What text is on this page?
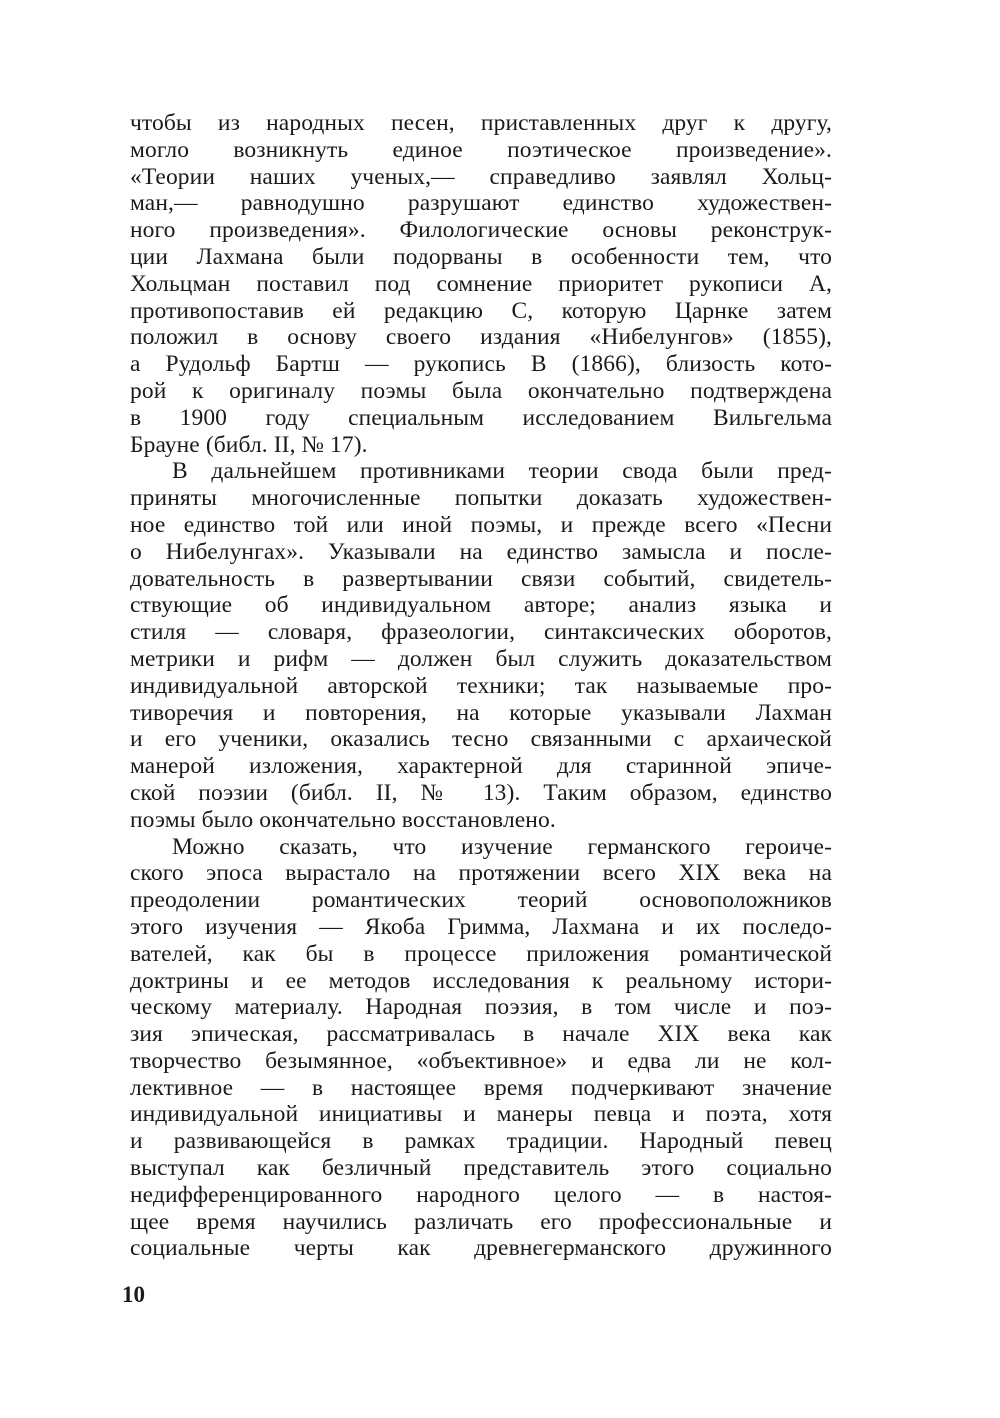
чтобы из народных песен, приставленных друг к другу,
могло возникнуть единое поэтическое произведение».
«Теории наших ученых,— справедливо заявлял Хольц-
ман,— равнодушно разрушают единство художествен-
ного произведения». Филологические основы реконструк-
ции Лахмана были подорваны в особенности тем, что
Хольцман поставил под сомнение приоритет рукописи А,
противопоставив ей редакцию С, которую Царнке затем
положил в основу своего издания «Нибелунгов» (1855),
а Рудольф Бартш — рукопись В (1866), близость кото-
рой к оригиналу поэмы была окончательно подтверждена
в 1900 году специальным исследованием Вильгельма
Брауне (библ. II, № 17).
В дальнейшем противниками теории свода были пред-
приняты многочисленные попытки доказать художествен-
ное единство той или иной поэмы, и прежде всего «Песни
о Нибелунгах». Указывали на единство замысла и после-
довательность в развертывании связи событий, свидетель-
ствующие об индивидуальном авторе; анализ языка и
стиля — словаря, фразеологии, синтаксических оборотов,
метрики и рифм — должен был служить доказательством
индивидуальной авторской техники; так называемые про-
тиворечия и повторения, на которые указывали Лахман
и его ученики, оказались тесно связанными с архаической
манерой изложения, характерной для старинной эпиче-
ской поэзии (библ. II, № 13). Таким образом, единство
поэмы было окончательно восстановлено.
Можно сказать, что изучение германского героиче-
ского эпоса вырастало на протяжении всего XIX века на
преодолении романтических теорий основоположников
этого изучения — Якоба Гримма, Лахмана и их последо-
вателей, как бы в процессе приложения романтической
доктрины и ее методов исследования к реальному истори-
ческому материалу. Народная поэзия, в том числе и поэ-
зия эпическая, рассматривалась в начале XIX века как
творчество безымянное, «объективное» и едва ли не кол-
лективное — в настоящее время подчеркивают значение
индивидуальной инициативы и манеры певца и поэта, хотя
и развивающейся в рамках традиции. Народный певец
выступал как безличный представитель этого социально
недифференцированного народного целого — в настоя-
щее время научились различать его профессиональные и
социальные черты как древнегерманского дружинного
10
